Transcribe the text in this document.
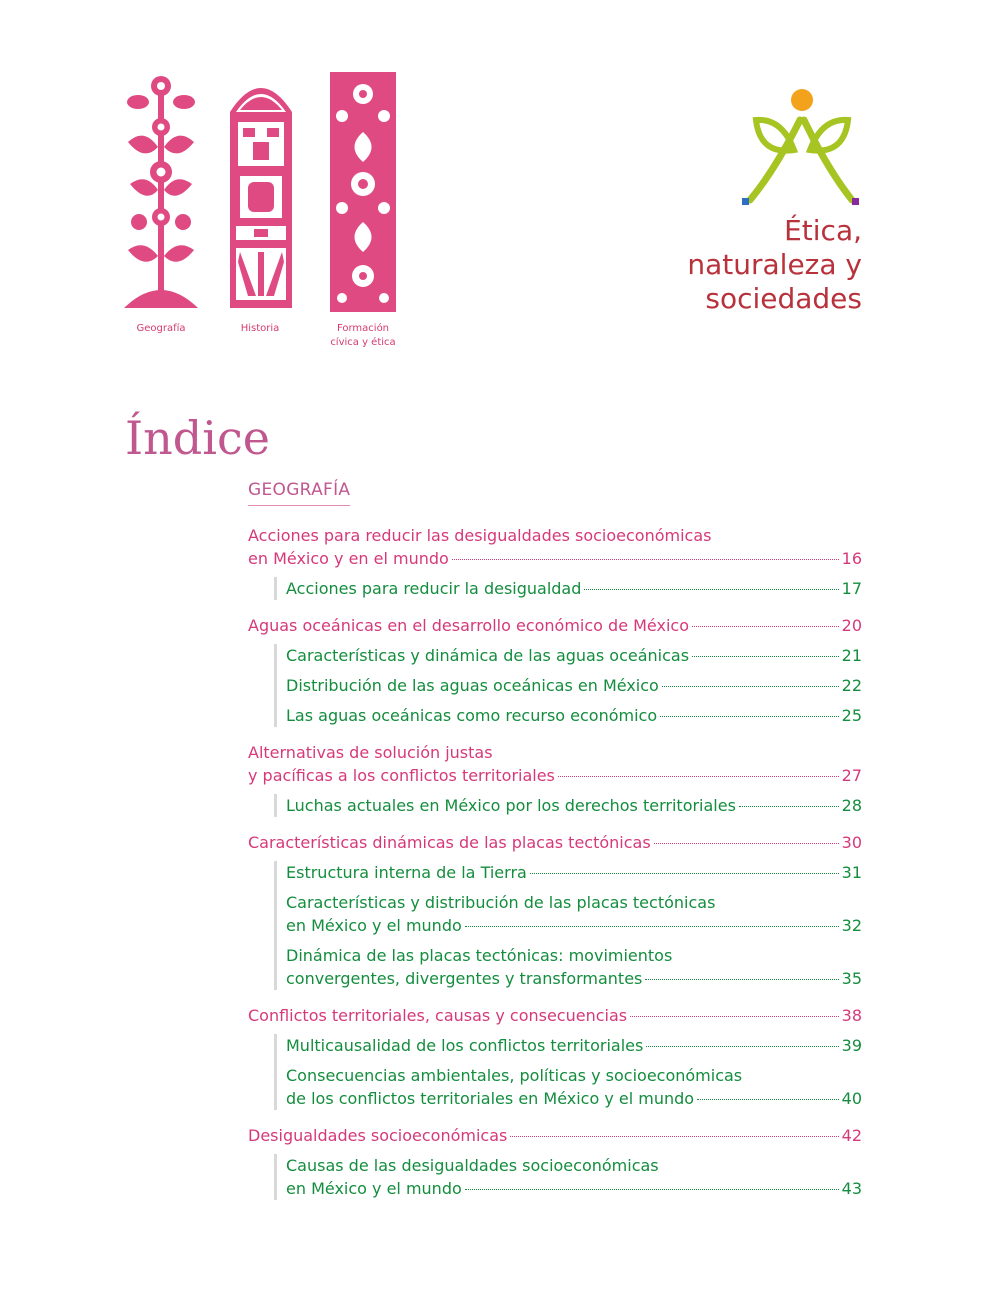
Geografía	Historia	Formación
cívica y ética
Ética,
naturaleza y
sociedades
Índice
GEOGRAFÍA
Acciones para reducir las desigualdades socioeconómicas
en México y en el mundo	16
Acciones para reducir la desigualdad	17
Aguas oceánicas en el desarrollo económico de México	20
Características y dinámica de las aguas oceánicas	21
Distribución de las aguas oceánicas en México	22
Las aguas oceánicas como recurso económico	25
Alternativas de solución justas
y pacíficas a los conflictos territoriales	27
Luchas actuales en México por los derechos territoriales	28
Características dinámicas de las placas tectónicas	30
Estructura interna de la Tierra	31
Características y distribución de las placas tectónicas
en México y el mundo	32
Dinámica de las placas tectónicas: movimientos
convergentes, divergentes y transformantes	35
Conflictos territoriales, causas y consecuencias	38
Multicausalidad de los conflictos territoriales	39
Consecuencias ambientales, políticas y socioeconómicas
de los conflictos territoriales en México y el mundo	40
Desigualdades socioeconómicas	42
Causas de las desigualdades socioeconómicas
en México y el mundo	43
